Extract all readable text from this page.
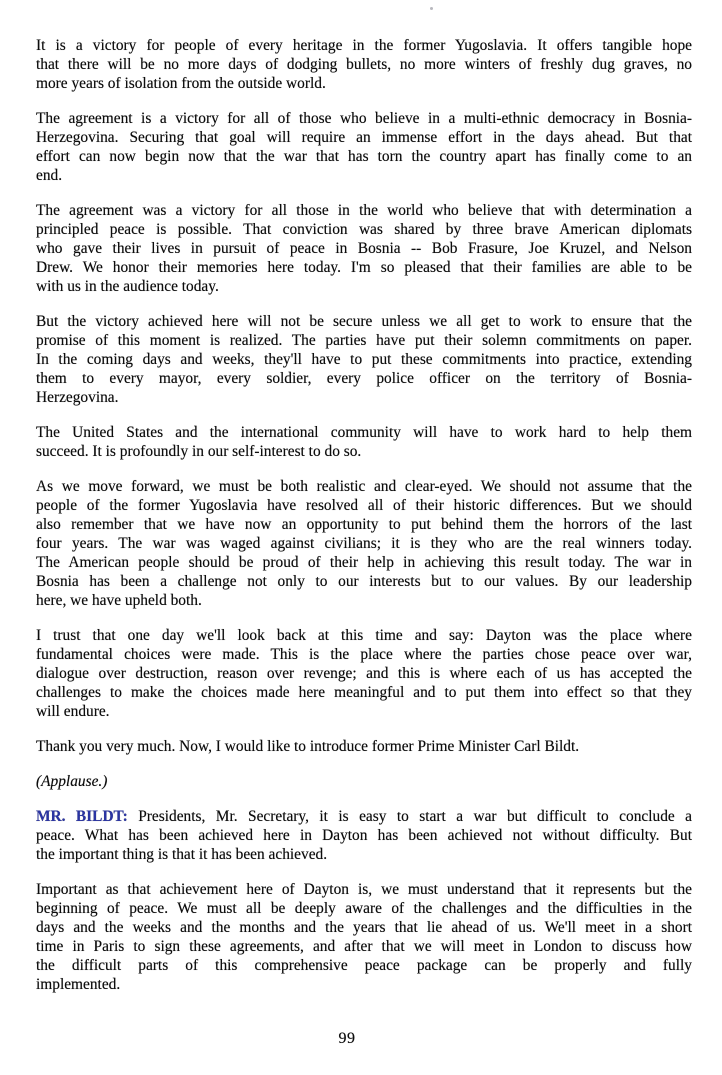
It is a victory for people of every heritage in the former Yugoslavia. It offers tangible hope
that there will be no more days of dodging bullets, no more winters of freshly dug graves, no
more years of isolation from the outside world.

The agreement is a victory for all of those who believe in a multi-ethnic democracy in Bosnia-
Herzegovina. Securing that goal will require an immense effort in the days ahead. But that
effort can now begin now that the war that has torn the country apart has finally come to an
end.

The agreement was a victory for all those in the world who believe that with determination a
principled peace is possible. That conviction was shared by three brave American diplomats
who gave their lives in pursuit of peace in Bosnia -- Bob Frasure, Joe Kruzel, and Nelson
Drew. We honor their memories here today. I'm so pleased that their families are able to be
with us in the audience today.

But the victory achieved here will not be secure unless we all get to work to ensure that the
promise of this moment is realized. The parties have put their solemn commitments on paper.
In the coming days and weeks, they'll have to put these commitments into practice, extending
them to every mayor, every soldier, every police officer on the territory of Bosnia-
Herzegovina.

The United States and the international community will have to work hard to help them
succeed. It is profoundly in our self-interest to do so.

As we move forward, we must be both realistic and clear-eyed. We should not assume that the
people of the former Yugoslavia have resolved all of their historic differences. But we should
also remember that we have now an opportunity to put behind them the horrors of the last
four years. The war was waged against civilians; it is they who are the real winners today.
The American people should be proud of their help in achieving this result today. The war in
Bosnia has been a challenge not only to our interests but to our values. By our leadership
here, we have upheld both.

I trust that one day we'll look back at this time and say: Dayton was the place where
fundamental choices were made. This is the place where the parties chose peace over war,
dialogue over destruction, reason over revenge; and this is where each of us has accepted the
challenges to make the choices made here meaningful and to put them into effect so that they
will endure.

Thank you very much. Now, I would like to introduce former Prime Minister Carl Bildt.

(Applause.)

MR. BILDT: Presidents, Mr. Secretary, it is easy to start a war but difficult to conclude a
peace. What has been achieved here in Dayton has been achieved not without difficulty. But
the important thing is that it has been achieved.

Important as that achievement here of Dayton is, we must understand that it represents but the
beginning of peace. We must all be deeply aware of the challenges and the difficulties in the
days and the weeks and the months and the years that lie ahead of us. We'll meet in a short
time in Paris to sign these agreements, and after that we will meet in London to discuss how
the difficult parts of this comprehensive peace package can be properly and fully
implemented.

99
